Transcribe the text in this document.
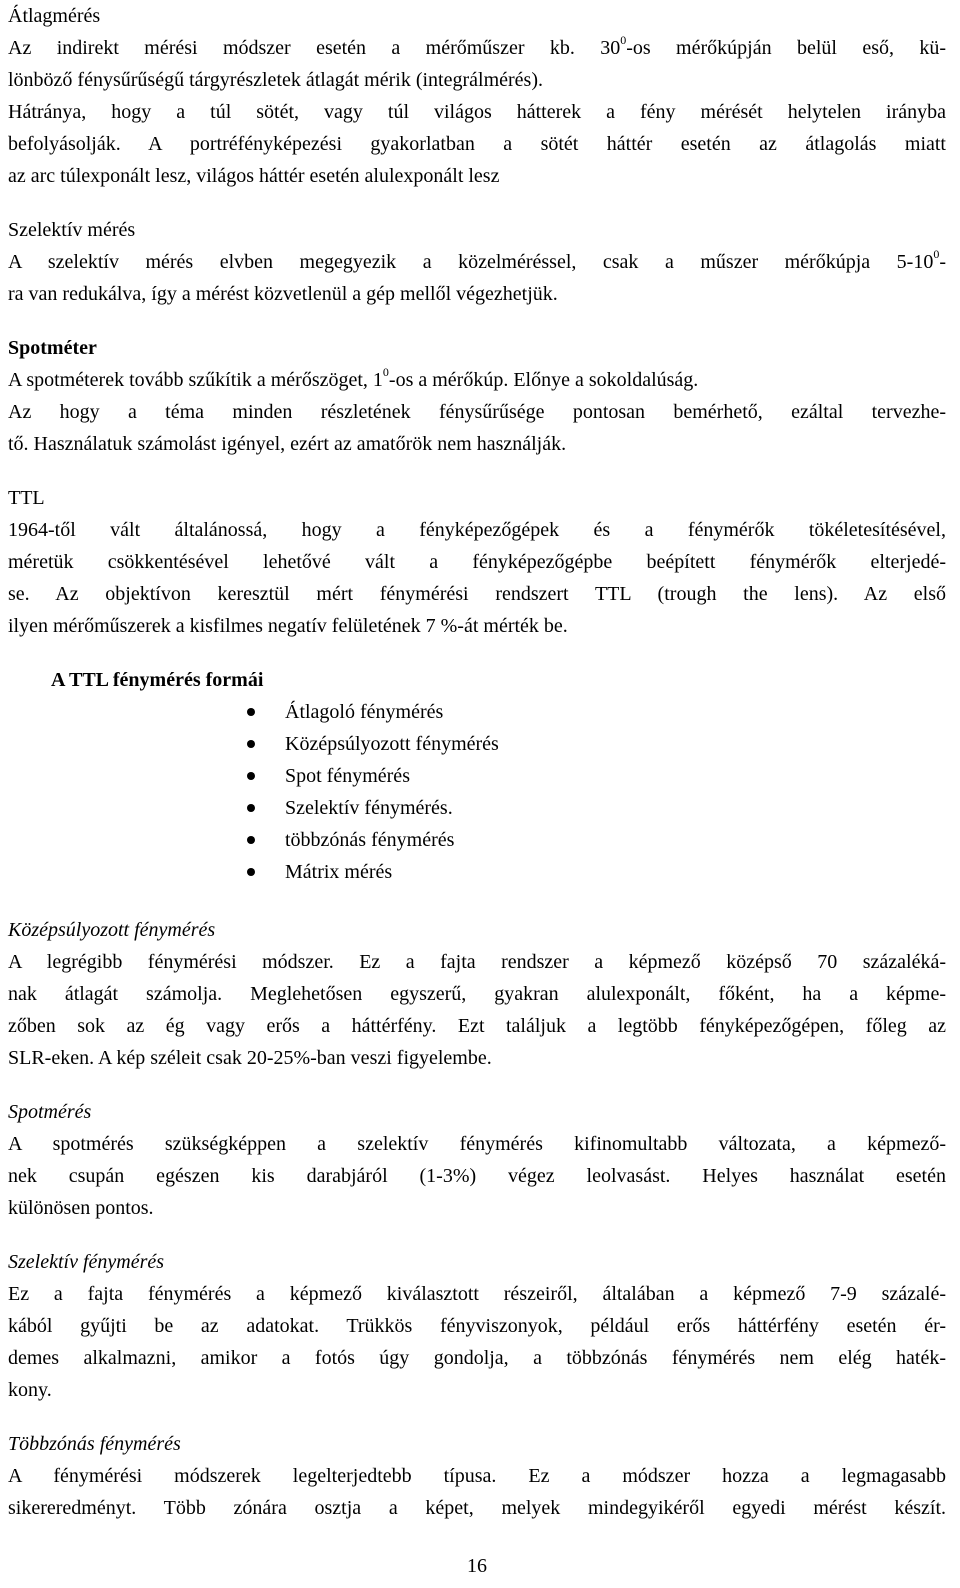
Átlagmérés
Az indirekt mérési módszer esetén a mérőműszer kb. $30^0-os$ mérőkúpján belül eső, kü-
lönböző fénysűrűségű tárgyrészletek átlagát mérik (integrálmérés).
Hátránya, hogy a túl sötét, vagy túl világos hátterek a fény mérését helytelen irányba
befolyásolják. A portréfényképezési gyakorlatban a sötét háttér esetén az átlagolás miatt
az arc túlexponált lesz, világos háttér esetén alulexponált lesz
Szelektív mérés
A szelektív mérés elvben megegyezik a közelméréssel, csak a műszer mérőkúpja $5-10^0-$
ra van redukálva, így a mérést közvetlenül a gép mellől végezhetjük.
Spotméter
A spotméterek tovább szűkítik a mérőszöget, $1^0-os$ a mérőkúp. Előnye a sokoldalúság.
Az hogy a téma minden részletének fénysűrűsége pontosan bemérhető, ezáltal tervezhe-
tő. Használatuk számolást igényel, ezért az amatőrök nem használják.
TTL
1964-től vált általánossá, hogy a fényképezőgépek és a fénymérők tökéletesítésével,
méretük csökkentésével lehetővé vált a fényképezőgépbe beépített fénymérők elterjedé-
se. Az objektívon keresztül mért fénymérési rendszert TTL (trough the lens). Az első
ilyen mérőműszerek a kisfilmes negatív felületének 7 %-át mérték be.
A TTL fénymérés formái
Átlagoló fénymérés
Középsúlyozott fénymérés
Spot fénymérés
Szelektív fénymérés.
többzónás fénymérés
Mátrix mérés
Középsúlyozott fénymérés
A legrégibb fénymérési módszer. Ez a fajta rendszer a képmező középső 70 százaléká-
nak átlagát számolja. Meglehetősen egyszerű, gyakran alulexponált, főként, ha a képme-
zőben sok az ég vagy erős a háttérfény. Ezt találjuk a legtöbb fényképezőgépen, főleg az
SLR-eken. A kép széleit csak 20-25%-ban veszi figyelembe.
Spotmérés
A spotmérés szükségképpen a szelektív fénymérés kifinomultabb változata, a képmező-
nek csupán egészen kis darabjáról (1-3%) végez leolvasást. Helyes használat esetén
különösen pontos.
Szelektív fénymérés
Ez a fajta fénymérés a képmező kiválasztott részeiről, általában a képmező 7-9 százalé-
kából gyűjti be az adatokat. Trükkös fényviszonyok, például erős háttérfény esetén ér-
demes alkalmazni, amikor a fotós úgy gondolja, a többzónás fénymérés nem elég haték-
kony.
Többzónás fénymérés
A fénymérési módszerek legelterjedtebb típusa. Ez a módszer hozza a legmagasabb
sikereredményt. Több zónára osztja a képet, melyek mindegyikéről egyedi mérést készít.
16
